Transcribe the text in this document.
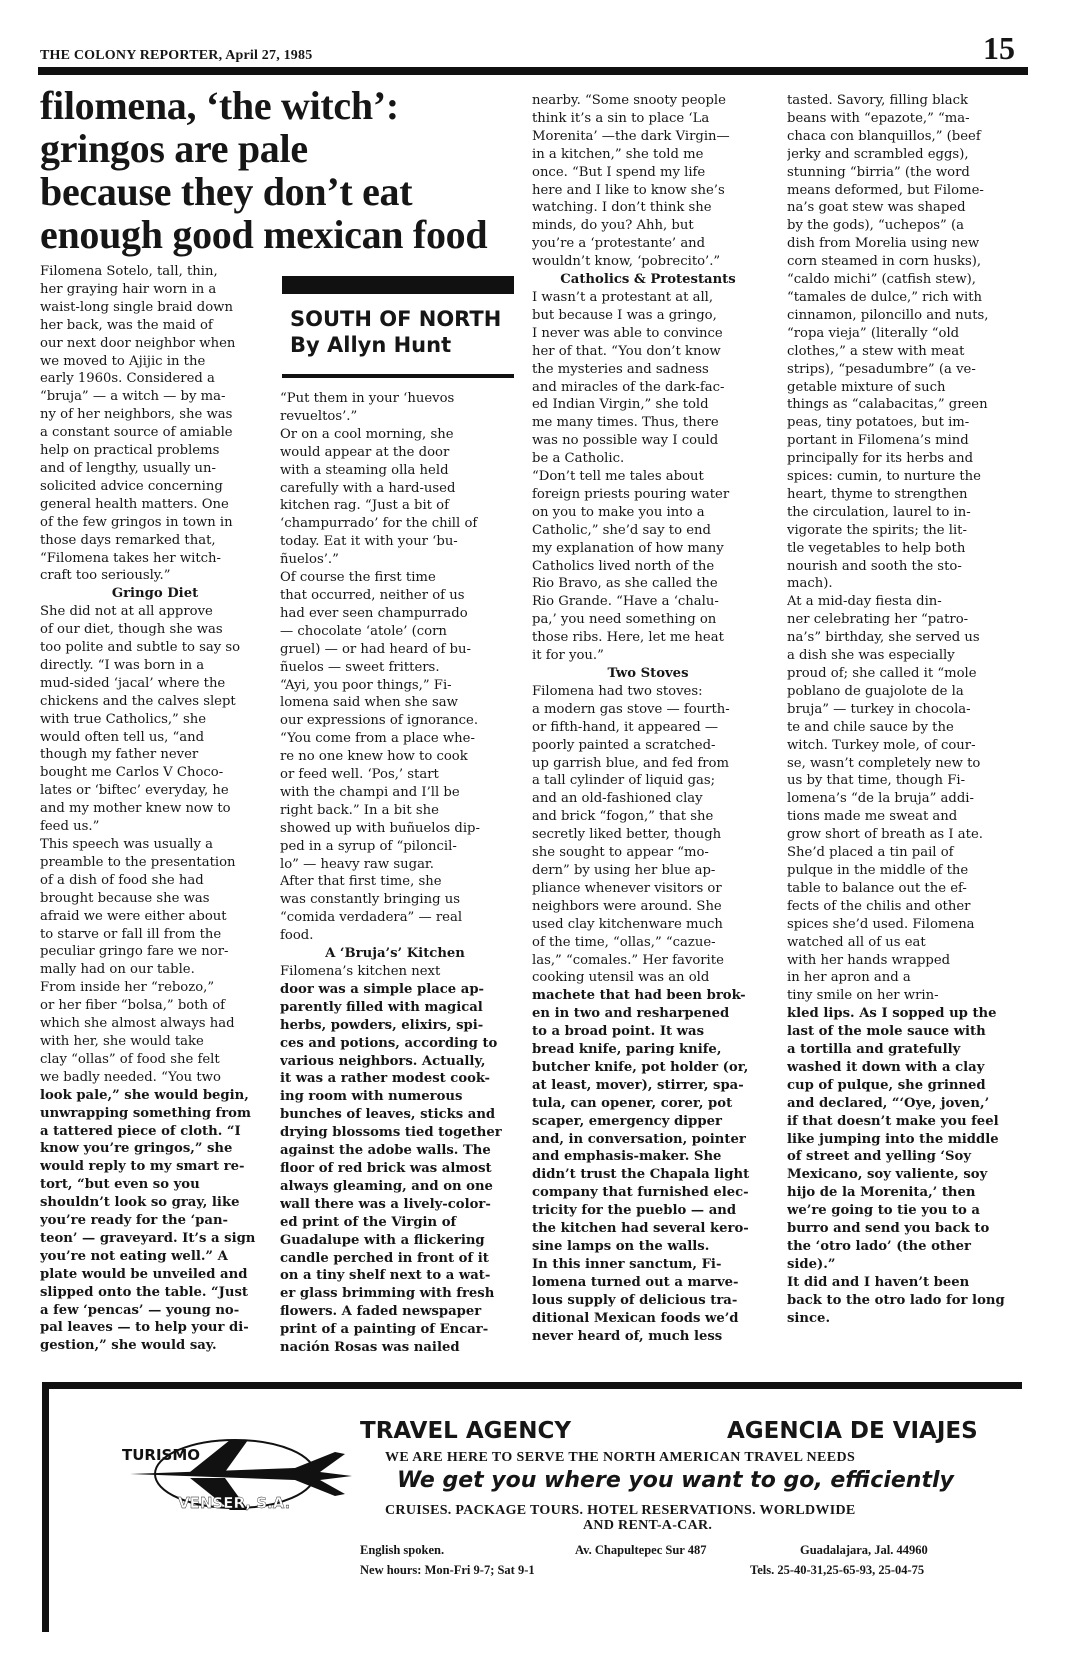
THE COLONY REPORTER, April 27, 1985	15
filomena, ‘the witch’:
gringos are pale
because they don’t eat
enough good mexican food
SOUTH OF NORTH
By Allyn Hunt
Filomena Sotelo, tall, thin,
her graying hair worn in a
waist-long single braid down
her back, was the maid of
our next door neighbor when
we moved to Ajijic in the
early 1960s. Considered a
“bruja” — a witch — by ma-
ny of her neighbors, she was
a constant source of amiable
help on practical problems
and of lengthy, usually un-
solicited advice concerning
general health matters. One
of the few gringos in town in
those days remarked that,
“Filomena takes her witch-
craft too seriously.”
Gringo Diet
She did not at all approve
of our diet, though she was
too polite and subtle to say so
directly. “I was born in a
mud-sided ‘jacal’ where the
chickens and the calves slept
with true Catholics,” she
would often tell us, “and
though my father never
bought me Carlos V Choco-
lates or ‘biftec’ everyday, he
and my mother knew now to
feed us.”
This speech was usually a
preamble to the presentation
of a dish of food she had
brought because she was
afraid we were either about
to starve or fall ill from the
peculiar gringo fare we nor-
mally had on our table.
From inside her “rebozo,”
or her fiber “bolsa,” both of
which she almost always had
with her, she would take
clay “ollas” of food she felt
we badly needed. “You two
look pale,” she would begin,
unwrapping something from
a tattered piece of cloth. “I
know you’re gringos,” she
would reply to my smart re-
tort, “but even so you
shouldn’t look so gray, like
you’re ready for the ‘pan-
teon’ — graveyard. It’s a sign
you’re not eating well.” A
plate would be unveiled and
slipped onto the table. “Just
a few ‘pencas’ — young no-
pal leaves — to help your di-
gestion,” she would say.
“Put them in your ‘huevos
revueltos’.”
Or on a cool morning, she
would appear at the door
with a steaming olla held
carefully with a hard-used
kitchen rag. “Just a bit of
‘champurrado’ for the chill of
today. Eat it with your ‘bu-
ñuelos’.”
Of course the first time
that occurred, neither of us
had ever seen champurrado
— chocolate ‘atole’ (corn
gruel) — or had heard of bu-
ñuelos — sweet fritters.
“Ayi, you poor things,” Fi-
lomena said when she saw
our expressions of ignorance.
“You come from a place whe-
re no one knew how to cook
or feed well. ‘Pos,’ start
with the champi and I’ll be
right back.” In a bit she
showed up with buñuelos dip-
ped in a syrup of “piloncil-
lo” — heavy raw sugar.
After that first time, she
was constantly bringing us
“comida verdadera” — real
food.
A ‘Bruja’s’ Kitchen
Filomena’s kitchen next
door was a simple place ap-
parently filled with magical
herbs, powders, elixirs, spi-
ces and potions, according to
various neighbors. Actually,
it was a rather modest cook-
ing room with numerous
bunches of leaves, sticks and
drying blossoms tied together
against the adobe walls. The
floor of red brick was almost
always gleaming, and on one
wall there was a lively-color-
ed print of the Virgin of
Guadalupe with a flickering
candle perched in front of it
on a tiny shelf next to a wat-
er glass brimming with fresh
flowers. A faded newspaper
print of a painting of Encar-
nación Rosas was nailed
nearby. “Some snooty people
think it’s a sin to place ‘La
Morenita’ —the dark Virgin—
in a kitchen,” she told me
once. “But I spend my life
here and I like to know she’s
watching. I don’t think she
minds, do you? Ahh, but
you’re a ‘protestante’ and
wouldn’t know, ‘pobrecito’.”
Catholics & Protestants
I wasn’t a protestant at all,
but because I was a gringo,
I never was able to convince
her of that. “You don’t know
the mysteries and sadness
and miracles of the dark-fac-
ed Indian Virgin,” she told
me many times. Thus, there
was no possible way I could
be a Catholic.
“Don’t tell me tales about
foreign priests pouring water
on you to make you into a
Catholic,” she’d say to end
my explanation of how many
Catholics lived north of the
Rio Bravo, as she called the
Rio Grande. “Have a ‘chalu-
pa,’ you need something on
those ribs. Here, let me heat
it for you.”
Two Stoves
Filomena had two stoves:
a modern gas stove — fourth-
or fifth-hand, it appeared —
poorly painted a scratched-
up garrish blue, and fed from
a tall cylinder of liquid gas;
and an old-fashioned clay
and brick “fogon,” that she
secretly liked better, though
she sought to appear “mo-
dern” by using her blue ap-
pliance whenever visitors or
neighbors were around. She
used clay kitchenware much
of the time, “ollas,” “cazue-
las,” “comales.” Her favorite
cooking utensil was an old
machete that had been brok-
en in two and resharpened
to a broad point. It was
bread knife, paring knife,
butcher knife, pot holder (or,
at least, mover), stirrer, spa-
tula, can opener, corer, pot
scaper, emergency dipper
and, in conversation, pointer
and emphasis-maker. She
didn’t trust the Chapala light
company that furnished elec-
tricity for the pueblo — and
the kitchen had several kero-
sine lamps on the walls.
In this inner sanctum, Fi-
lomena turned out a marve-
lous supply of delicious tra-
ditional Mexican foods we’d
never heard of, much less
tasted. Savory, filling black
beans with “epazote,” “ma-
chaca con blanquillos,” (beef
jerky and scrambled eggs),
stunning “birria” (the word
means deformed, but Filome-
na’s goat stew was shaped
by the gods), “uchepos” (a
dish from Morelia using new
corn steamed in corn husks),
“caldo michi” (catfish stew),
“tamales de dulce,” rich with
cinnamon, piloncillo and nuts,
“ropa vieja” (literally “old
clothes,” a stew with meat
strips), “pesadumbre” (a ve-
getable mixture of such
things as “calabacitas,” green
peas, tiny potatoes, but im-
portant in Filomena’s mind
principally for its herbs and
spices: cumin, to nurture the
heart, thyme to strengthen
the circulation, laurel to in-
vigorate the spirits; the lit-
tle vegetables to help both
nourish and sooth the sto-
mach).
At a mid-day fiesta din-
ner celebrating her “patro-
na’s” birthday, she served us
a dish she was especially
proud of; she called it “mole
poblano de guajolote de la
bruja” — turkey in chocola-
te and chile sauce by the
witch. Turkey mole, of cour-
se, wasn’t completely new to
us by that time, though Fi-
lomena’s “de la bruja” addi-
tions made me sweat and
grow short of breath as I ate.
She’d placed a tin pail of
pulque in the middle of the
table to balance out the ef-
fects of the chilis and other
spices she’d used. Filomena
watched all of us eat
with her hands wrapped
in her apron and a
tiny smile on her wrin-
kled lips. As I sopped up the
last of the mole sauce with
a tortilla and gratefully
washed it down with a clay
cup of pulque, she grinned
and declared, “‘Oye, joven,’
if that doesn’t make you feel
like jumping into the middle
of street and yelling ‘Soy
Mexicano, soy valiente, soy
hijo de la Morenita,’ then
we’re going to tie you to a
burro and send you back to
the ‘otro lado’ (the other
side).”
It did and I haven’t been
back to the otro lado for long
since.
TURISMO
VENSER, S.A.
TRAVEL AGENCY	AGENCIA DE VIAJES
WE ARE HERE TO SERVE THE NORTH AMERICAN TRAVEL NEEDS
We get you where you want to go, efficiently
CRUISES. PACKAGE TOURS. HOTEL RESERVATIONS. WORLDWIDE
AND RENT-A-CAR.
English spoken.	Av. Chapultepec Sur 487	Guadalajara, Jal. 44960
New hours: Mon-Fri 9-7; Sat 9-1	Tels. 25-40-31,25-65-93, 25-04-75
